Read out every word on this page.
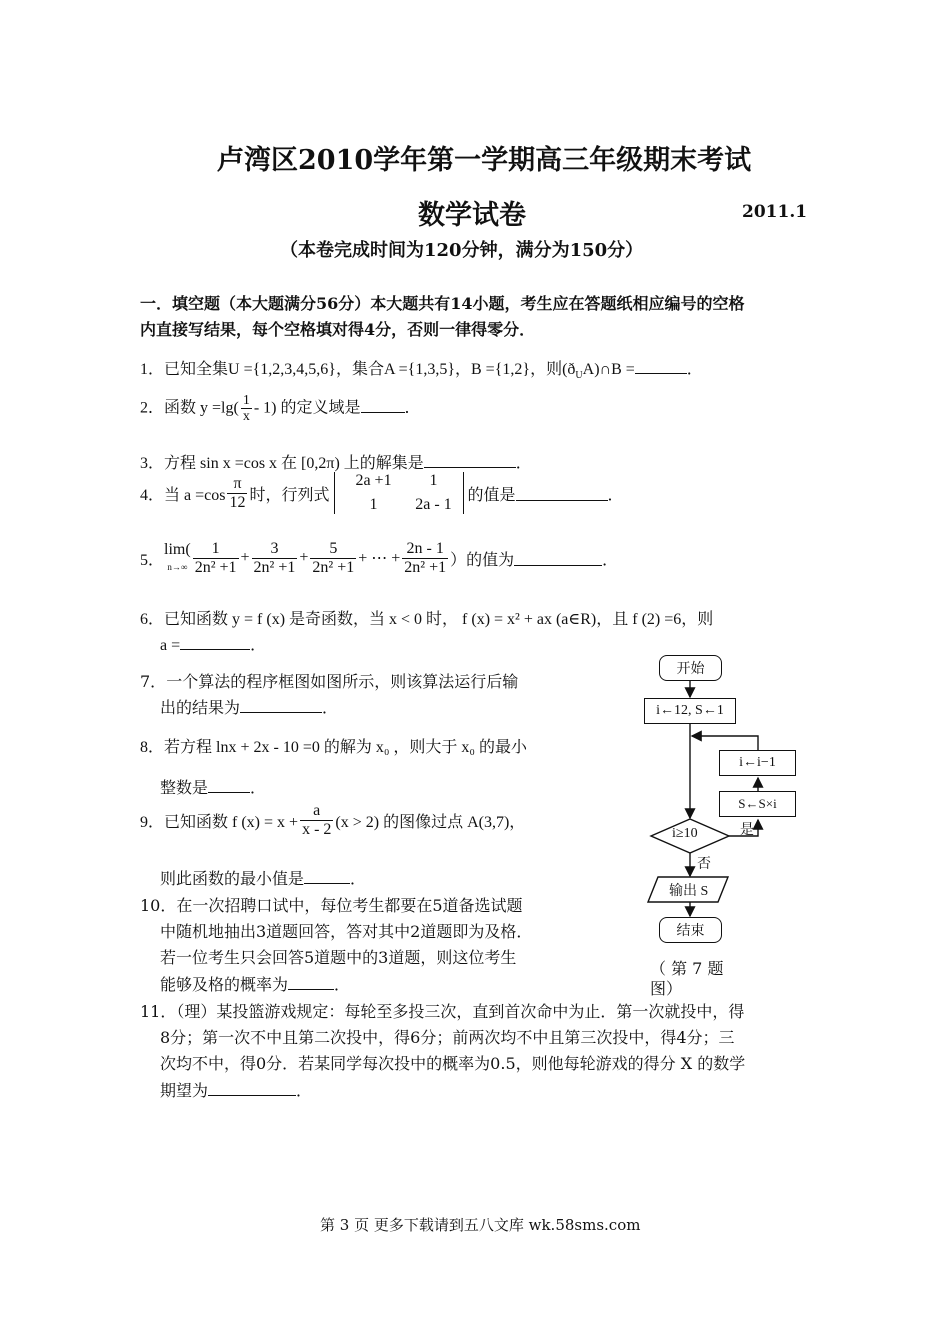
卢湾区2010学年第一学期高三年级期末考试
数学试卷	2011.1
（本卷完成时间为120分钟，满分为150分）
一．填空题（本大题满分56分）本大题共有14小题，考生应在答题纸相应编号的空格
内直接写结果，每个空格填对得4分，否则一律得零分．
1．已知全集U ={1,2,3,4,5,6}，集合A ={1,3,5}，B ={1,2}，则$(ð_UA)\cap B$ =	．
2．函数 $y =\lg( \frac{1}{x} - 1)$ 的定义域是	．
3．方程 sin x =cos x 在 [0,2π) 上的解集是	．
4． 当 $a =\cos \frac{\pi}{12}$ 时，行列式
2a +1	1
1	2a - 1
的值是	．
5．
lim(
$n\to\infty \frac{1}{\text{2n² +1}} + \frac{3}{\text{2n² +1}} + \frac{5}{\text{2n² +1}}$ + ⋯ + $\frac{2n - 1}{\text{2n² +1}}$ ）的值为	．
6．已知函数 y = f (x) 是奇函数，当 x < 0 时， f (x) = x² + ax (a∈R)，且 f (2) =6，则
a =	．
7．一个算法的程序框图如图所示，则该算法运行后输
出的结果为	．
8．若方程 lnx + 2x - 10 =0 的解为 x₀ ，则大于 x₀ 的最小
整数是	．
9． 已知函数 f $(x) = x + \frac{a}{x - 2} (x > 2)$ 的图像过点 A(3,7)，
则此函数的最小值是	．
10．在一次招聘口试中，每位考生都要在5道备选试题
中随机地抽出3道题回答，答对其中2道题即为及格．
若一位考生只会回答5道题中的3道题，则这位考生
能够及格的概率为	．
11．（理）某投篮游戏规定：每轮至多投三次，直到首次命中为止．第一次就投中，得
8分；第一次不中且第二次投中，得6分；前两次均不中且第三次投中，得4分；三
次均不中，得0分．若某同学每次投中的概率为0.5，则他每轮游戏的得分 X 的数学
期望为	．
开始
i←12, S←1
i←i−1
S←S×i
i≥10	是
否
输出 S
结束
（ 第 7 题
图）
第 3 页 更多下载请到五八文库 wk.58sms.com
